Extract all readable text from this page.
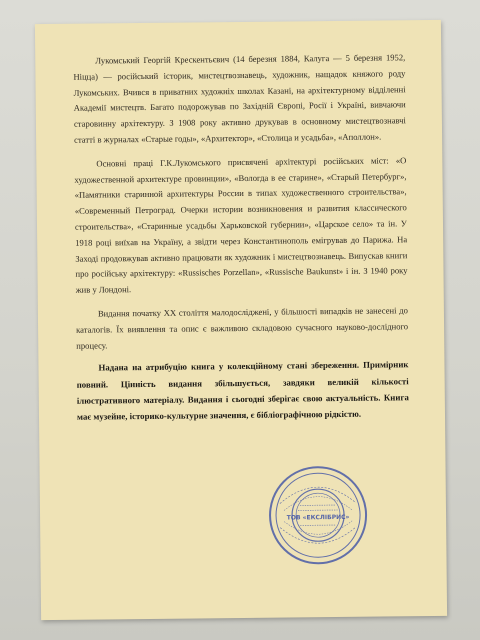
Лукомський Георгій Крескентьєвич (14 березня 1884, Калуга — 5 березня 1952, Ніцца) — російський історик, мистецтвознавець, художник, нащадок княжого роду Лукомських. Вчився в приватних художніх школах Казані, на архітектурному відділенні Академії мистецтв. Багато подорожував по Західній Європі, Росії і Україні, вивчаючи старовинну архітектуру. З 1908 року активно друкував в основному мистецтвознавчі статті в журналах «Старые годы», «Архитектор», «Столица и усадьба», «Аполлон».

Основні праці Г.К.Лукомського присвячені архітектурі російських міст: «О художественной архитектуре провинции», «Вологда в ее старине», «Старый Петербург», «Памятники старинной архитектуры России в типах художественного строительства», «Современный Петроград. Очерки истории возникновения и развития классического строительства», «Старинные усадьбы Харьковской губернии», «Царское село» та ін. У 1918 році виїхав на Україну, а звідти через Константинополь емігрував до Парижа. На Заході продовжував активно працювати як художник і мистецтвознавець. Випускав книги про російську архітектуру: «Russisches Porzellan», «Russische Baukunst» і ін. З 1940 року жив у Лондоні.

Видання початку ХХ століття малодосліджені, у більшості випадків не занесені до каталогів. Їх виявлення та опис є важливою складовою сучасного науково-дослідного процесу.

Надана на атрибуцію книга у колекційному стані збереження. Примірник повний. Цінність видання збільшується, завдяки великій кількості ілюстративного матеріалу. Видання і сьогодні зберігає свою актуальність. Книга має музейне, історико-культурне значення, є бібліографічною рідкістю.

ТОВ «ЕКСЛІБРИС»
